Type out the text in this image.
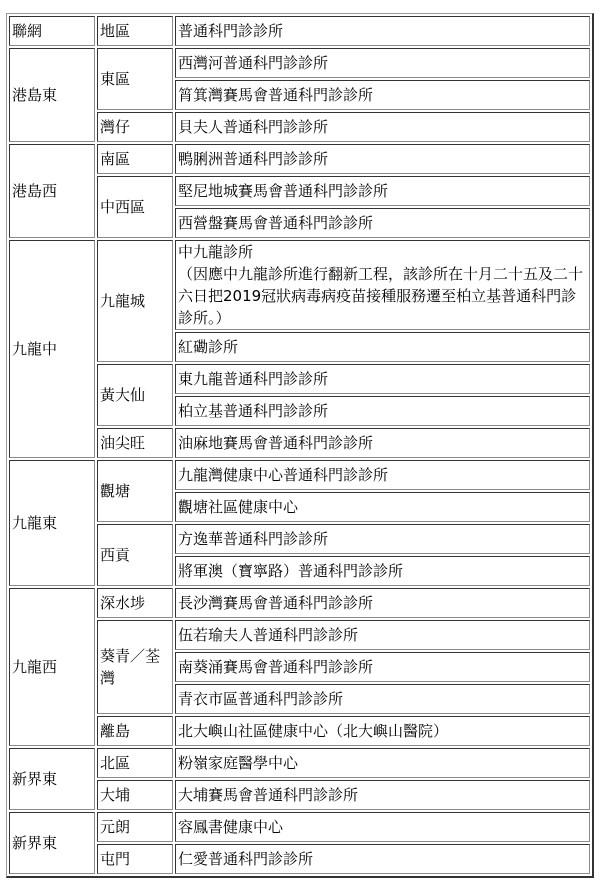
聯網	地區	普通科門診診所
港島東	東區	西灣河普通科門診診所
		筲箕灣賽馬會普通科門診診所
	灣仔	貝夫人普通科門診診所
港島西	南區	鴨脷洲普通科門診診所
	中西區	堅尼地城賽馬會普通科門診診所
		西營盤賽馬會普通科門診診所
九龍中	九龍城	中九龍診所
（因應中九龍診所進行翻新工程，該診所在十月二十五及二十六日把2019冠狀病毒病疫苗接種服務遷至柏立基普通科門診診所。）

		紅磡診所
	黃大仙	東九龍普通科門診診所
		柏立基普通科門診診所
	油尖旺	油麻地賽馬會普通科門診診所
九龍東	觀塘	九龍灣健康中心普通科門診診所
		觀塘社區健康中心
	西貢	方逸華普通科門診診所
		將軍澳（寶寧路）普通科門診診所
九龍西	深水埗	長沙灣賽馬會普通科門診診所
	葵青／荃灣	伍若瑜夫人普通科門診診所
		南葵涌賽馬會普通科門診診所
		青衣市區普通科門診診所
	離島	北大嶼山社區健康中心（北大嶼山醫院）
新界東	北區	粉嶺家庭醫學中心
	大埔	大埔賽馬會普通科門診診所
新界東	元朗	容鳳書健康中心
	屯門	仁愛普通科門診診所
